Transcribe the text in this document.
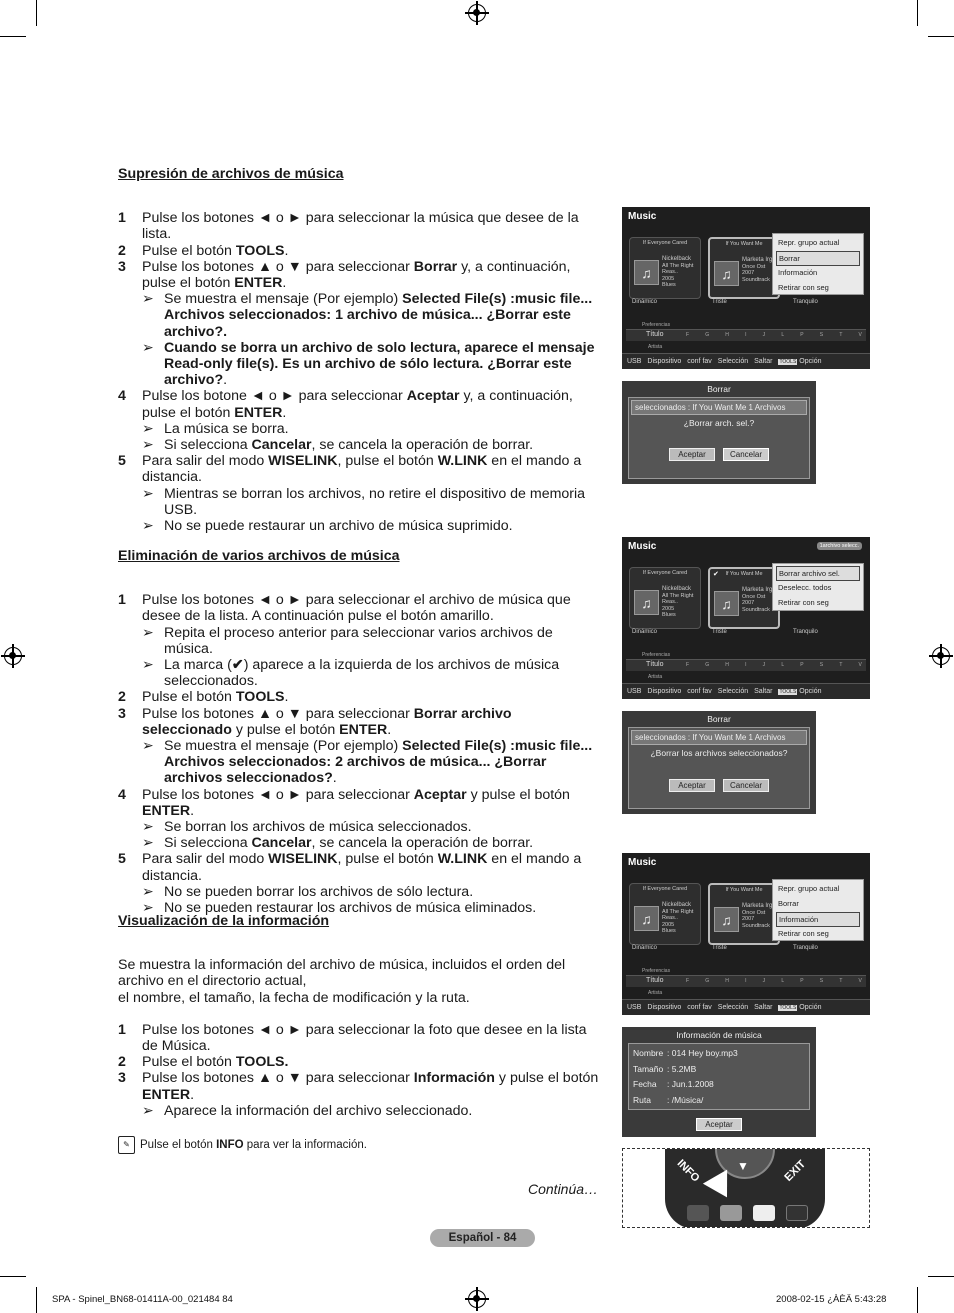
Supresión de archivos de música
1 Pulse los botones ◄ o ► para seleccionar la música que desee de la lista.
2 Pulse el botón TOOLS.
3 Pulse los botones ▲ o ▼ para seleccionar Borrar y, a continuación, pulse el botón ENTER.
➢ Se muestra el mensaje (Por ejemplo) Selected File(s) :music file... Archivos seleccionados: 1 archivo de música... ¿Borrar este archivo?.
➢ Cuando se borra un archivo de solo lectura, aparece el mensaje Read-only file(s). Es un archivo de sólo lectura. ¿Borrar este archivo?.
4 Pulse los botone ◄ o ► para seleccionar Aceptar y, a continuación, pulse el botón ENTER.
➢ La música se borra.
➢ Si selecciona Cancelar, se cancela la operación de borrar.
5 Para salir del modo WISELINK, pulse el botón W.LINK en el mando a distancia.
➢ Mientras se borran los archivos, no retire el dispositivo de memoria USB.
➢ No se puede restaurar un archivo de música suprimido.
Eliminación de varios archivos de música
1 Pulse los botones ◄ o ► para seleccionar el archivo de música que desee de la lista. A continuación pulse el botón amarillo.
➢ Repita el proceso anterior para seleccionar varios archivos de música.
➢ La marca (✔) aparece a la izquierda de los archivos de música seleccionados.
2 Pulse el botón TOOLS.
3 Pulse los botones ▲ o ▼ para seleccionar Borrar archivo seleccionado y pulse el botón ENTER.
➢ Se muestra el mensaje (Por ejemplo) Selected File(s) :music file... Archivos seleccionados: 2 archivos de música... ¿Borrar archivos seleccionados?.
4 Pulse los botones ◄ o ► para seleccionar Aceptar y pulse el botón ENTER.
➢ Se borran los archivos de música seleccionados.
➢ Si selecciona Cancelar, se cancela la operación de borrar.
5 Para salir del modo WISELINK, pulse el botón W.LINK en el mando a distancia.
➢ No se pueden borrar los archivos de sólo lectura.
➢ No se pueden restaurar los archivos de música eliminados.
Visualización de la información
Se muestra la información del archivo de música, incluidos el orden del archivo en el directorio actual,
el nombre, el tamaño, la fecha de modificación y la ruta.
1 Pulse los botones ◄ o ► para seleccionar la foto que desee en la lista de Música.
2 Pulse el botón TOOLS.
3 Pulse los botones ▲ o ▼ para seleccionar Información y pulse el botón ENTER.
➢ Aparece la información del archivo seleccionado.
✎ Pulse el botón INFO para ver la información.
Continúa…
Music
If Everyone Cared
♫
Nickelback
All The Right Reas..
2005
Blues
If You Want Me
♫
Marketa Irg
Once Ost
2007
Soundtrack
Dinámico	Triste	Tranquilo
Repr. grupo actual
Borrar
Información
Retirar con seg
Preferencias
Título	F	G	H	I	J	L	P	S	T	V
Artista
USB Dispositivo conf fav Selección Saltar TOOLS Opción
Borrar
seleccionados : If You Want Me 1 Archivos
¿Borrar arch. sel.?
Aceptar	Cancelar
Music	1archivo selecc.
If Everyone Cared
♫
Nickelback
All The Right Reas..
2005
Blues
✔	If You Want Me
♫
Marketa Irg
Once Ost
2007
Soundtrack
Dinámico	Triste	Tranquilo
Borrar archivo sel.
Deselecc. todos
Retirar con seg
Preferencias
Título	F	G	H	I	J	L	P	S	T	V
Artista
USB Dispositivo conf fav Selección Saltar TOOLS Opción
Borrar
seleccionados : If You Want Me 1 Archivos
¿Borrar los archivos seleccionados?
Aceptar	Cancelar
Music
If Everyone Cared
♫
Nickelback
All The Right Reas..
2005
Blues
If You Want Me
♫
Marketa Irg
Once Ost
2007
Soundtrack
Dinámico	Triste	Tranquilo
Repr. grupo actual
Borrar
Información
Retirar con seg
Preferencias
Título	F	G	H	I	J	L	P	S	T	V
Artista
USB Dispositivo conf fav Selección Saltar TOOLS Opción
Información de música
Nombre : 014 Hey boy.mp3
Tamaño : 5.2MB
Fecha : Jun.1.2008
Ruta : /Música/
Aceptar
▼
INFO	EXIT
Español - 84
SPA - Spinel_BN68-01411A-00_021484 84	2008-02-15 ¿ÀÈÄ 5:43:28
